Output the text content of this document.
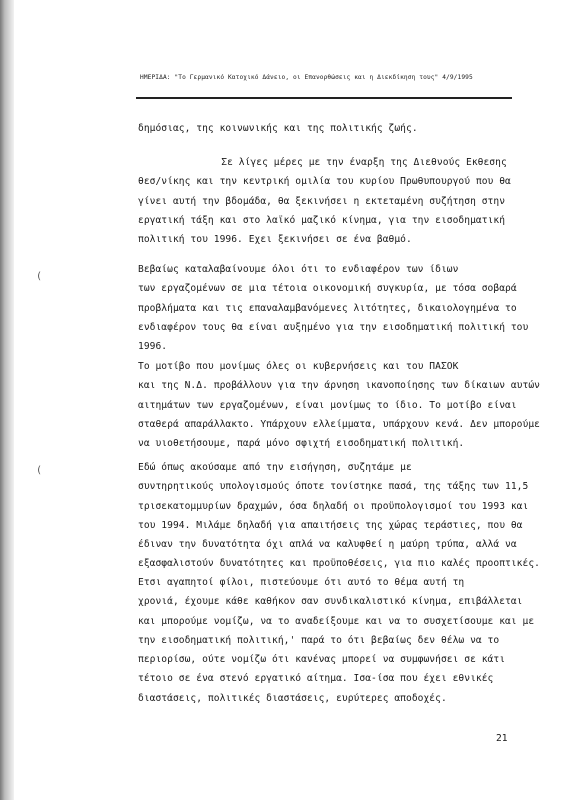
ΗΜΕΡΙΔΑ: "Το Γερμανικό Κατοχικό Δάνειο, οι Επανορθώσεις και η Διεκδίκηση τους" 4/9/1995
δημόσιας, της κοινωνικής και της πολιτικής ζωής.
Σε λίγες μέρες με την έναρξη της Διεθνούς Εκθεσης
θεσ/νίκης και την κεντρική ομιλία του κυρίου Πρωθυπουργού που θα
γίνει αυτή την βδομάδα, θα ξεκινήσει η εκτεταμένη συζήτηση στην
εργατική τάξη και στο λαϊκό μαζικό κίνημα, για την εισοδηματική
πολιτική του 1996. Εχει ξεκινήσει σε ένα βαθμό.
Βεβαίως καταλαβαίνουμε όλοι ότι το ενδιαφέρον των ίδιων
των εργαζομένων σε μια τέτοια οικονομική συγκυρία, με τόσα σοβαρά
προβλήματα και τις επαναλαμβανόμενες λιτότητες, δικαιολογημένα το
ενδιαφέρον τους θα είναι αυξημένο για την εισοδηματική πολιτική του
1996.
Το μοτίβο που μονίμως όλες οι κυβερνήσεις και του ΠΑΣΟΚ
και της Ν.Δ. προβάλλουν για την άρνηση ικανοποίησης των δίκαιων αυτών
αιτημάτων των εργαζομένων, είναι μονίμως το ίδιο. Το μοτίβο είναι
σταθερά απαράλλακτο. Υπάρχουν ελλείμματα, υπάρχουν κενά. Δεν μπορούμε
να υιοθετήσουμε, παρά μόνο σφιχτή εισοδηματική πολιτική.
Εδώ όπως ακούσαμε από την εισήγηση, συζητάμε με
συντηρητικούς υπολογισμούς όποτε τονίστηκε πασά, της τάξης των 11,5
τρισεκατομμυρίων δραχμών, όσα δηλαδή οι προϋπολογισμοί του 1993 και
του 1994. Μιλάμε δηλαδή για απαιτήσεις της χώρας τεράστιες, που θα
έδιναν την δυνατότητα όχι απλά να καλυφθεί η μαύρη τρύπα, αλλά να
εξασφαλιστούν δυνατότητες και προϋποθέσεις, για πιο καλές προοπτικές.
Ετσι αγαπητοί φίλοι, πιστεύουμε ότι αυτό το θέμα αυτή τη
χρονιά, έχουμε κάθε καθήκον σαν συνδικαλιστικό κίνημα, επιβάλλεται
και μπορούμε νομίζω, να το αναδείξουμε και να το συσχετίσουμε και με
την εισοδηματική πολιτική,' παρά το ότι βεβαίως δεν θέλω να το
περιορίσω, ούτε νομίζω ότι κανένας μπορεί να συμφωνήσει σε κάτι
τέτοιο σε ένα στενό εργατικό αίτημα. Ισα-ίσα που έχει εθνικές
διαστάσεις, πολιτικές διαστάσεις, ευρύτερες αποδοχές.
21
(
(
